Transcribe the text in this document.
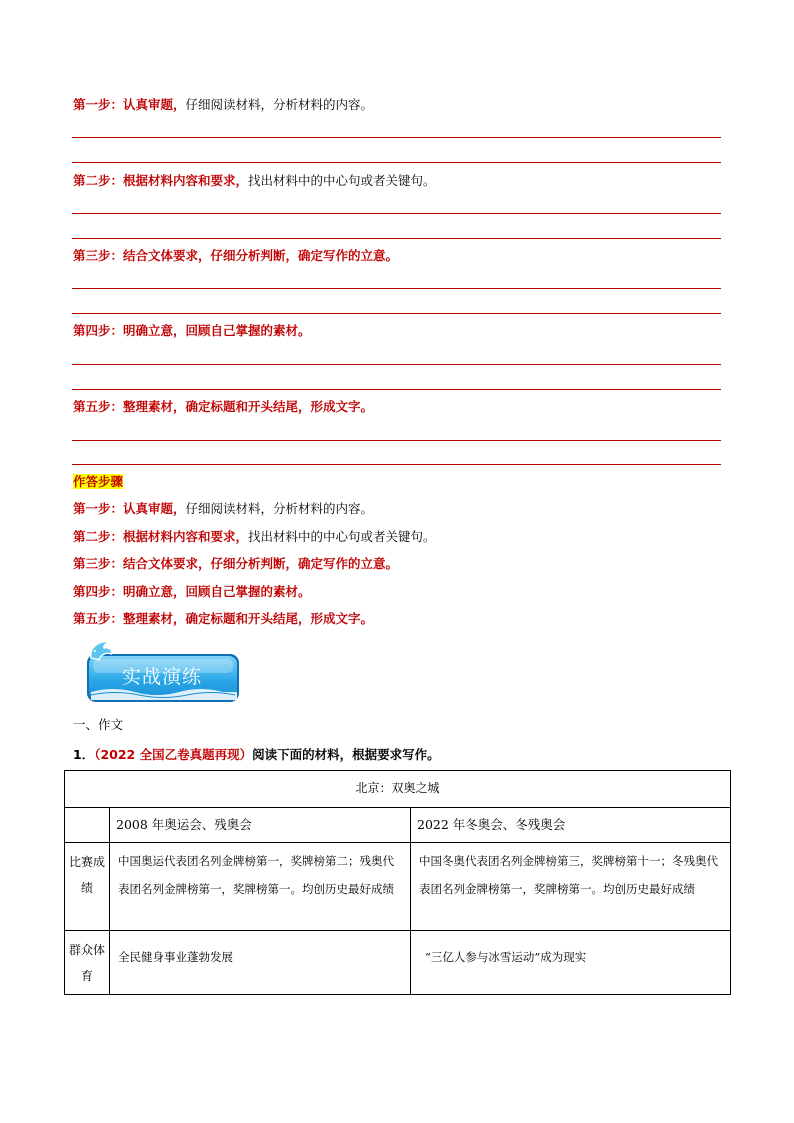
第一步：认真审题，仔细阅读材料，分析材料的内容。
第二步：根据材料内容和要求，找出材料中的中心句或者关键句。
第三步：结合文体要求，仔细分析判断，确定写作的立意。
第四步：明确立意，回顾自己掌握的素材。
第五步：整理素材，确定标题和开头结尾，形成文字。
作答步骤
第一步：认真审题，仔细阅读材料，分析材料的内容。
第二步：根据材料内容和要求，找出材料中的中心句或者关键句。
第三步：结合文体要求，仔细分析判断，确定写作的立意。
第四步：明确立意，回顾自己掌握的素材。
第五步：整理素材，确定标题和开头结尾，形成文字。
实战演练
一、作文
1．（2022 全国乙卷真题再现）阅读下面的材料，根据要求写作。
北京：双奥之城		
	2008 年奥运会、残奥会	2022 年冬奥会、冬残奥会
比赛成绩	中国奥运代表团名列金牌榜第一，奖牌榜第二；残奥代表团名列金牌榜第一，奖牌榜第一。均创历史最好成绩	中国冬奥代表团名列金牌榜第三，奖牌榜第十一；冬残奥代表团名列金牌榜第一，奖牌榜第一。均创历史最好成绩
群众体育	全民健身事业蓬勃发展	“三亿人参与冰雪运动”成为现实
